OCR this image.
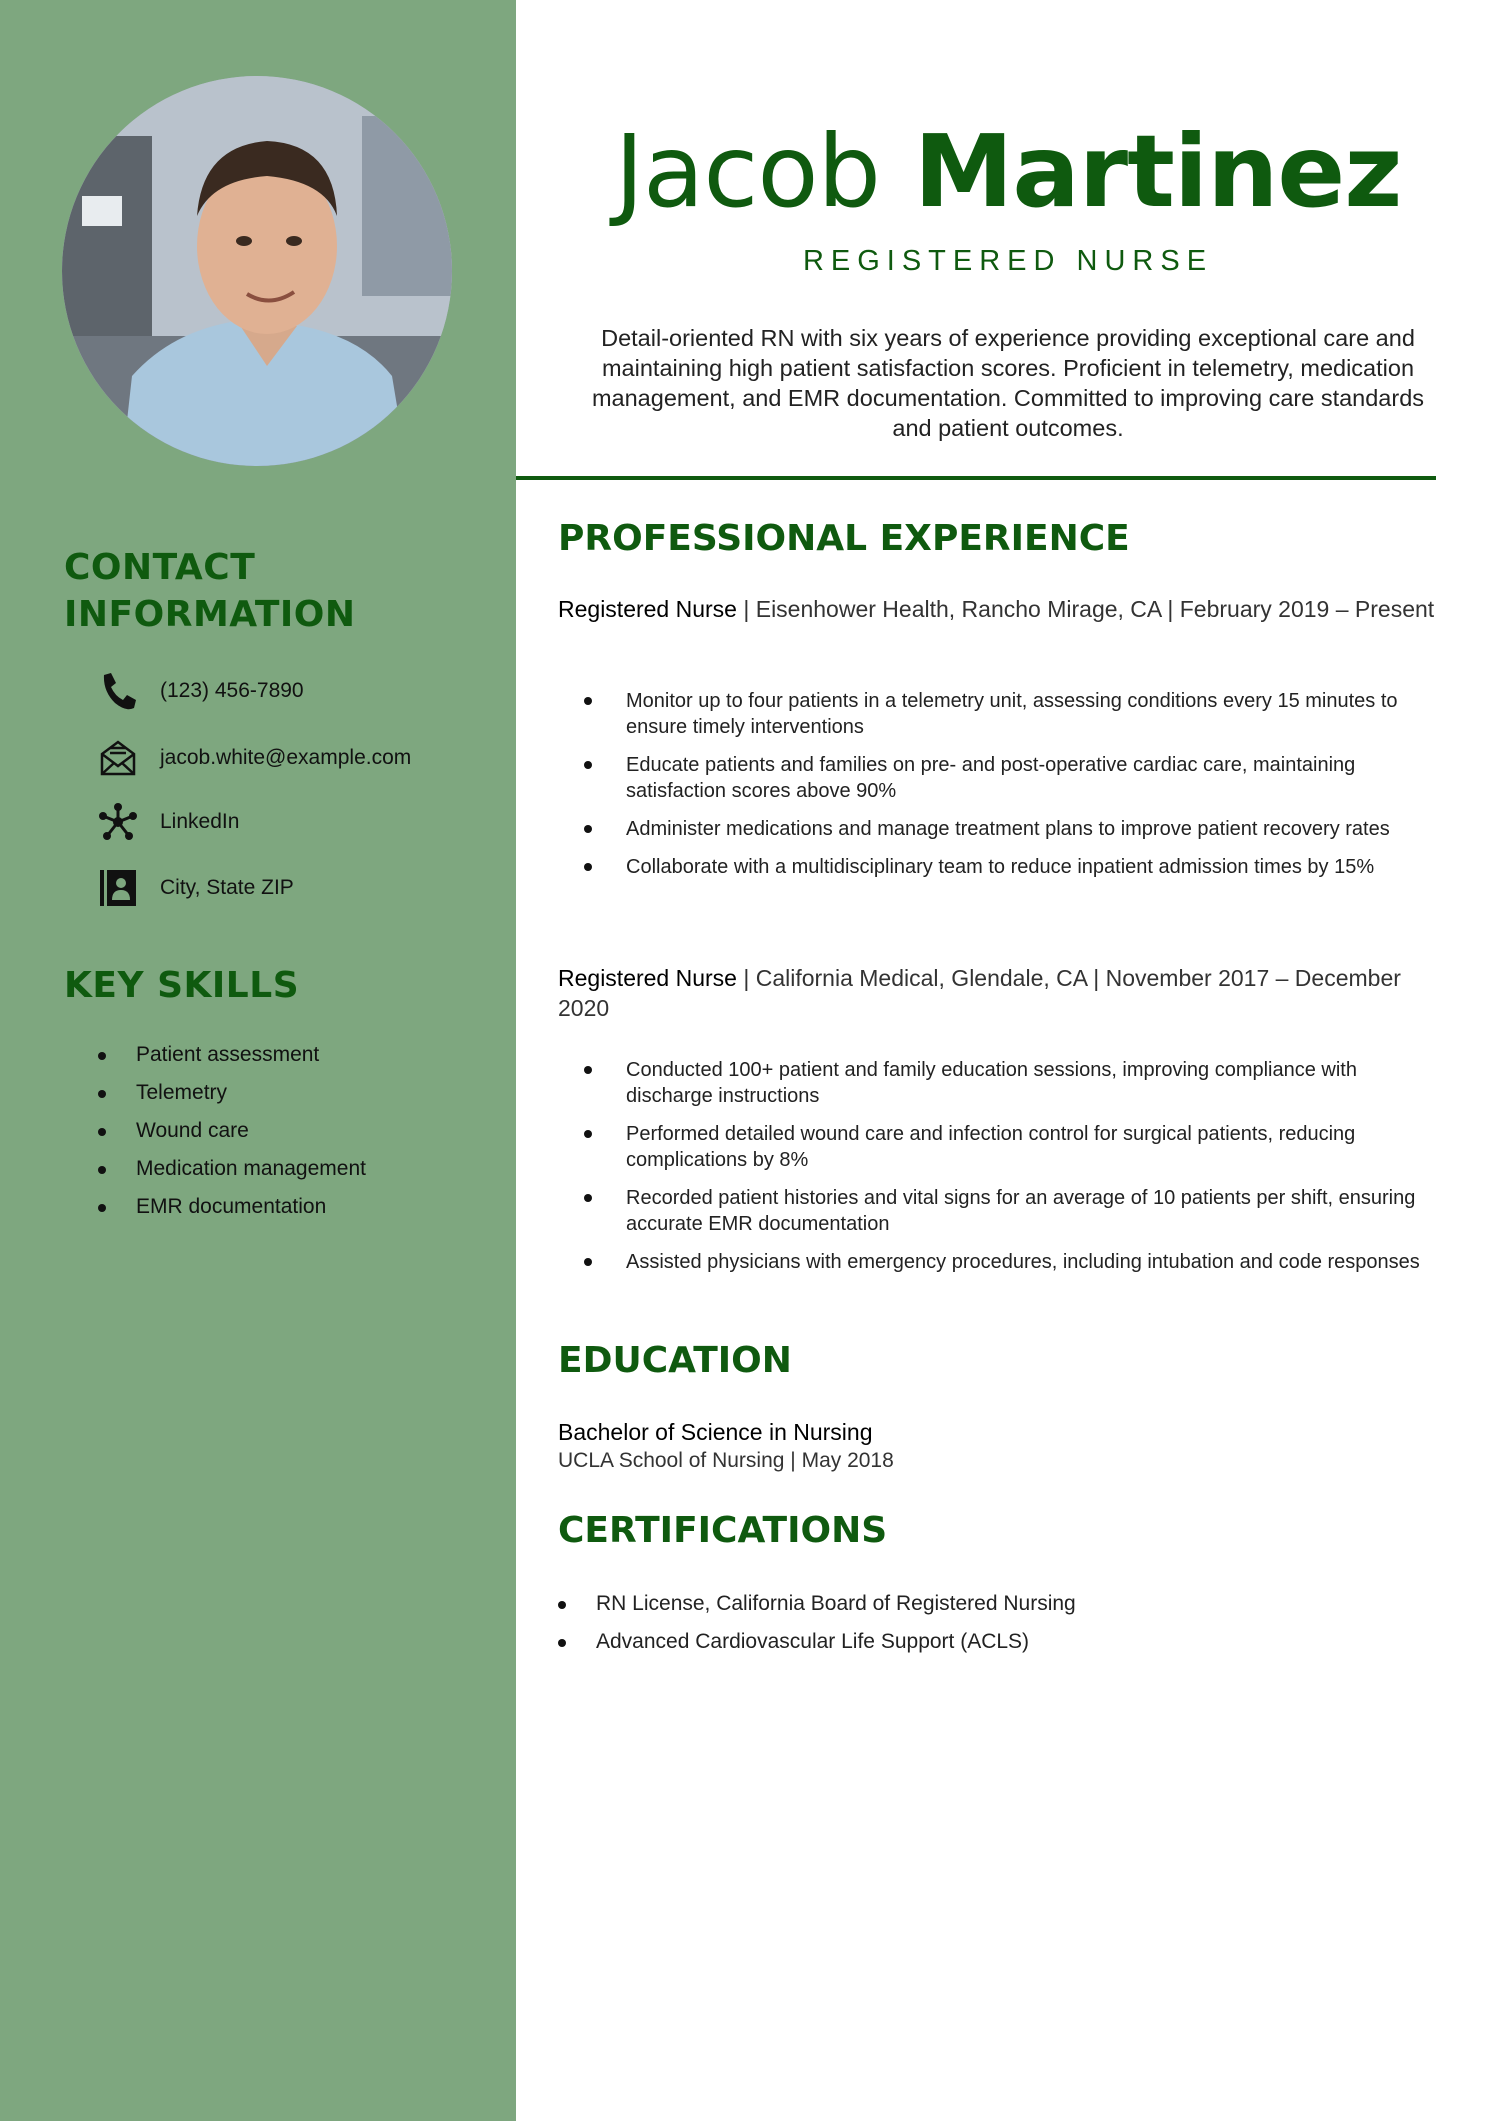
CONTACT
INFORMATION
(123) 456-7890
jacob.white@example.com
LinkedIn
City, State ZIP
KEY SKILLS
Patient assessment
Telemetry
Wound care
Medication management
EMR documentation
Jacob Martinez

REGISTERED NURSE

Detail-oriented RN with six years of experience providing exceptional care and maintaining high patient satisfaction scores. Proficient in telemetry, medication management, and EMR documentation. Committed to improving care standards and patient outcomes.

PROFESSIONAL EXPERIENCE

Registered Nurse | Eisenhower Health, Rancho Mirage, CA | February 2019 – Present

Monitor up to four patients in a telemetry unit, assessing conditions every 15 minutes to ensure timely interventions
Educate patients and families on pre- and post-operative cardiac care, maintaining satisfaction scores above 90%
Administer medications and manage treatment plans to improve patient recovery rates
Collaborate with a multidisciplinary team to reduce inpatient admission times by 15%

Registered Nurse | California Medical, Glendale, CA | November 2017 – December 2020

Conducted 100+ patient and family education sessions, improving compliance with discharge instructions
Performed detailed wound care and infection control for surgical patients, reducing complications by 8%
Recorded patient histories and vital signs for an average of 10 patients per shift, ensuring accurate EMR documentation
Assisted physicians with emergency procedures, including intubation and code responses
EDUCATION

Bachelor of Science in Nursing

UCLA School of Nursing | May 2018

CERTIFICATIONS
RN License, California Board of Registered Nursing
Advanced Cardiovascular Life Support (ACLS)
